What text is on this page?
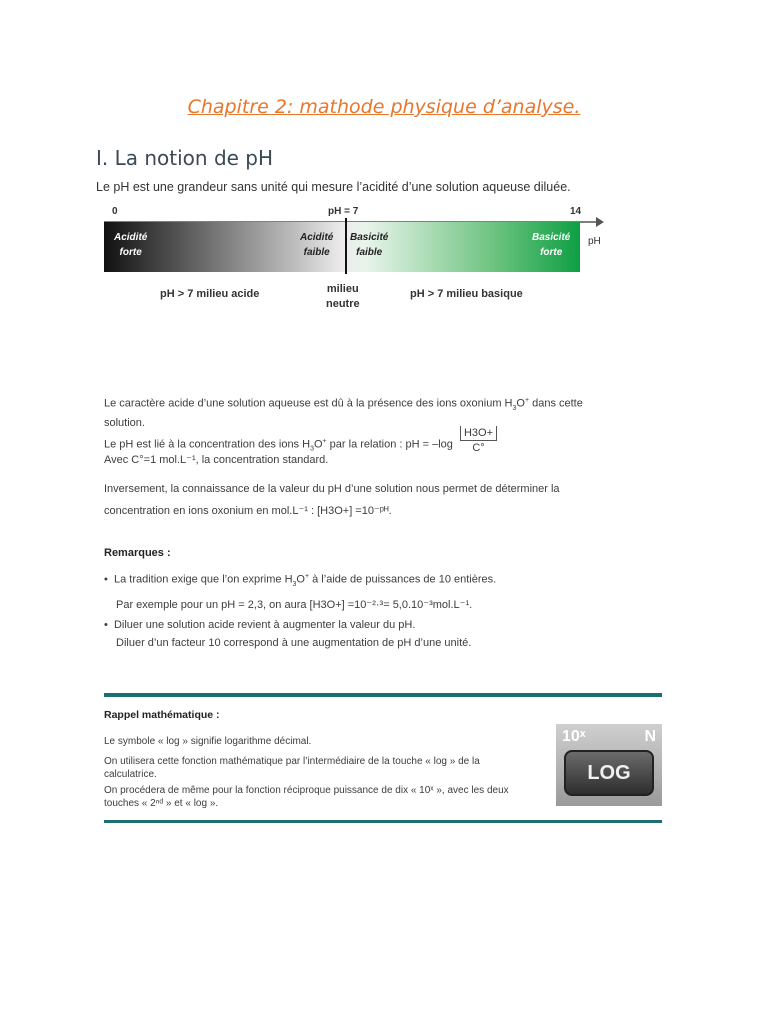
Chapitre 2: mathode physique d’analyse.
I. La notion de pH
Le pH est une grandeur sans unité qui mesure l’acidité d’une solution aqueuse diluée.
0	pH = 7	14
pH
Acidité
forte
Acidité
faible
Basicité
faible
Basicité
forte
pH > 7 milieu acide	milieu
neutre
pH > 7 milieu basique
Le caractère acide d’une solution aqueuse est dû à la présence des ions oxonium $H_3O^+$ dans cette
solution.
Le pH est lié à la concentration des ions $H_3O^+$ par la relation : pH = $-\log \frac{H3O+}{C^\circ}$
Avec C°=1 mol.L⁻¹, la concentration standard.
Inversement, la connaissance de la valeur du pH d’une solution nous permet de déterminer la
concentration en ions oxonium en mol.L⁻¹ : [H3O+] =10⁻ᵖᴴ.
Remarques :
•  La tradition exige que l’on exprime $H_3O^+$ à l’aide de puissances de 10 entières.
Par exemple pour un pH = 2,3, on aura [H3O+] =10⁻²·³= 5,0.10⁻³mol.L⁻¹.
•  Diluer une solution acide revient à augmenter la valeur du pH.
Diluer d’un facteur 10 correspond à une augmentation de pH d’une unité.
Rappel mathématique :
Le symbole « log » signifie logarithme décimal.
On utilisera cette fonction mathématique par l’intermédiaire de la touche « log » de la
calculatrice.
On procédera de même pour la fonction réciproque puissance de dix « 10ˣ », avec les deux
touches « 2ⁿᵈ » et « log ».
10ˣ	N
LOG
